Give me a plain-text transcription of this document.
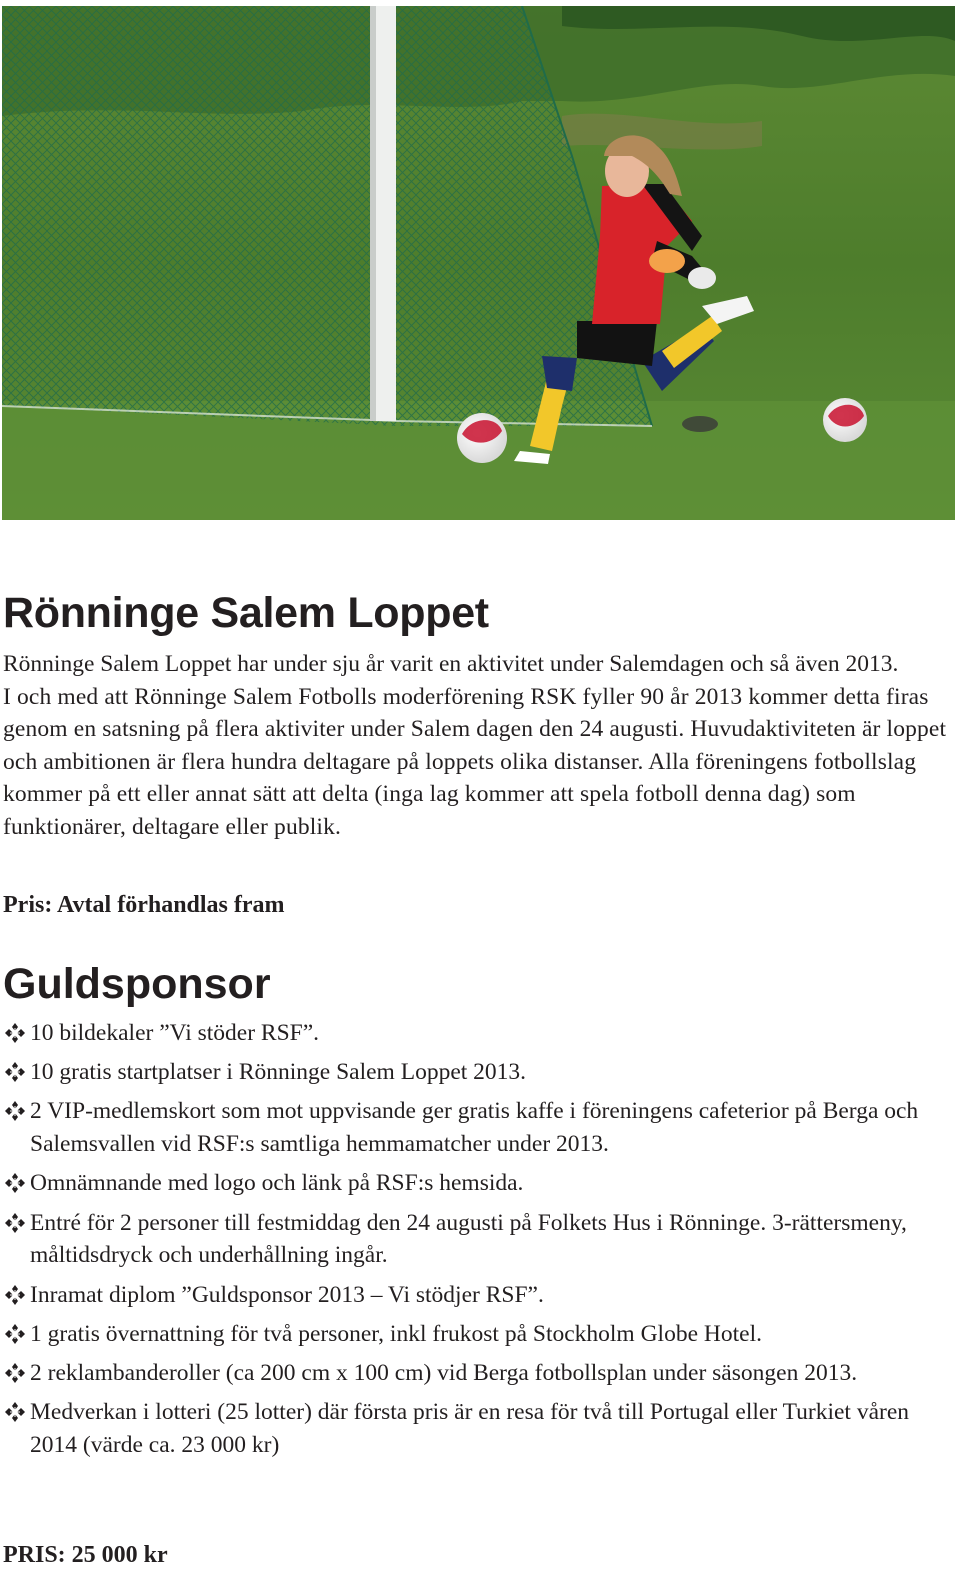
Rönninge Salem Loppet

Rönninge Salem Loppet har under sju år varit en aktivitet under Salemdagen och så även 2013.

I och med att Rönninge Salem Fotbolls moderförening RSK fyller 90 år 2013 kommer detta firas genom en satsning på flera aktiviter under Salem dagen den 24 augusti. Huvudaktiviteten är loppet och ambitionen är flera hundra deltagare på loppets olika distanser. Alla föreningens fotbollslag kommer på ett eller annat sätt att delta (inga lag kommer att spela fotboll denna dag) som funktionärer, deltagare eller publik.

Pris: Avtal förhandlas fram
Guldsponsor
10 bildekaler ”Vi stöder RSF”.
10 gratis startplatser i Rönninge Salem Loppet 2013.
2 VIP-medlemskort som mot uppvisande ger gratis kaffe i föreningens cafeterior på Berga och Salemsvallen vid RSF:s samtliga hemmamatcher under 2013.
Omnämnande med logo och länk på RSF:s hemsida.
Entré för 2 personer till festmiddag den 24 augusti på Folkets Hus i Rönninge. 3-rättersmeny, måltidsdryck och underhållning ingår.
Inramat diplom ”Guldsponsor 2013 – Vi stödjer RSF”.
1 gratis övernattning för två personer, inkl frukost på Stockholm Globe Hotel.
2 reklambanderoller (ca 200 cm x 100 cm) vid Berga fotbollsplan under säsongen 2013.
Medverkan i lotteri (25 lotter) där första pris är en resa för två till Portugal eller Turkiet våren 2014 (värde ca. 23 000 kr)
PRIS: 25 000 kr
